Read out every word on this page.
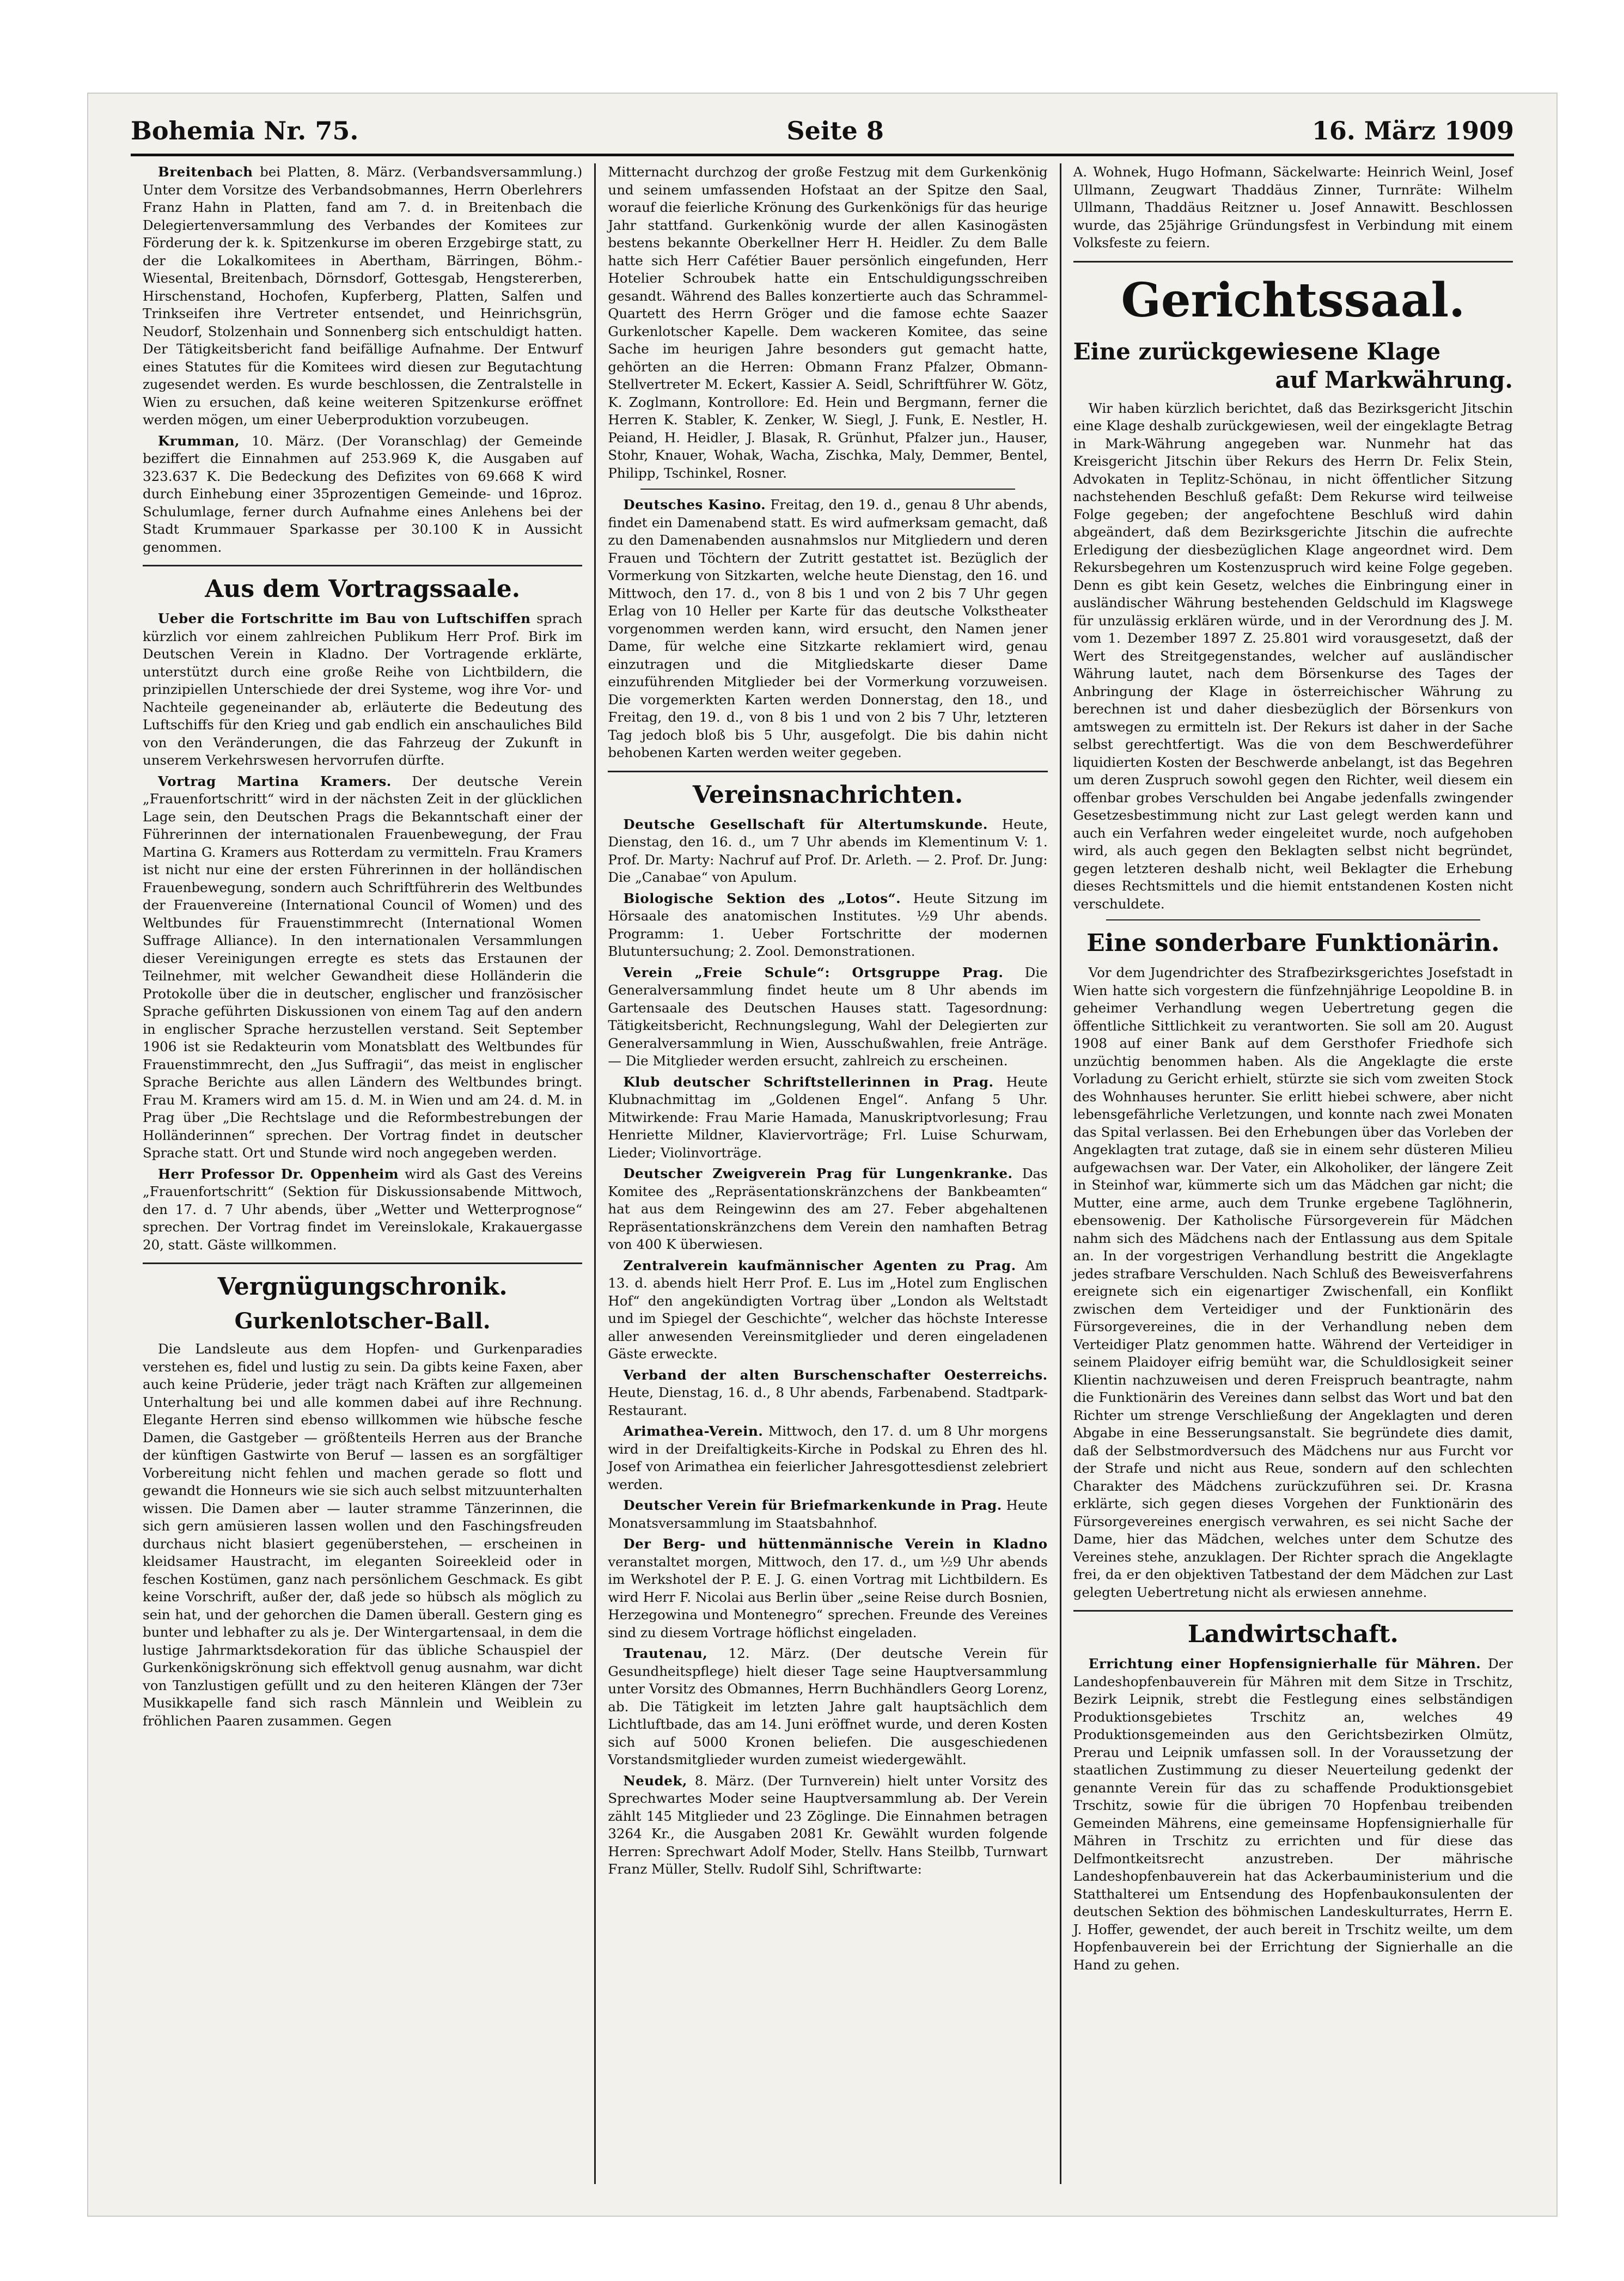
Bohemia Nr. 75.	Seite 8	16. März 1909

Breitenbach bei Platten, 8. März. (Verbandsversammlung.) Unter dem Vorsitze des Verbandsobmannes, Herrn Oberlehrers Franz Hahn in Platten, fand am 7. d. in Breitenbach die Delegiertenversammlung des Verbandes der Komitees zur Förderung der k. k. Spitzenkurse im oberen Erzgebirge statt, zu der die Lokalkomitees in Abertham, Bärringen, Böhm.-Wiesental, Breitenbach, Dörnsdorf, Gottesgab, Hengstererben, Hirschenstand, Hochofen, Kupferberg, Platten, Salfen und Trinkseifen ihre Vertreter entsendet, und Heinrichsgrün, Neudorf, Stolzenhain und Sonnenberg sich entschuldigt hatten. Der Tätigkeitsbericht fand beifällige Aufnahme. Der Entwurf eines Statutes für die Komitees wird diesen zur Begutachtung zugesendet werden. Es wurde beschlossen, die Zentralstelle in Wien zu ersuchen, daß keine weiteren Spitzenkurse eröffnet werden mögen, um einer Ueberproduktion vorzubeugen.

Krumman, 10. März. (Der Voranschlag) der Gemeinde beziffert die Einnahmen auf 253.969 K, die Ausgaben auf 323.637 K. Die Bedeckung des Defizites von 69.668 K wird durch Einhebung einer 35prozentigen Gemeinde- und 16proz. Schulumlage, ferner durch Aufnahme eines Anlehens bei der Stadt Krummauer Sparkasse per 30.100 K in Aussicht genommen.

Aus dem Vortragssaale.

Ueber die Fortschritte im Bau von Luftschiffen sprach kürzlich vor einem zahlreichen Publikum Herr Prof. Birk im Deutschen Verein in Kladno. Der Vortragende erklärte, unterstützt durch eine große Reihe von Lichtbildern, die prinzipiellen Unterschiede der drei Systeme, wog ihre Vor- und Nachteile gegeneinander ab, erläuterte die Bedeutung des Luftschiffs für den Krieg und gab endlich ein anschauliches Bild von den Veränderungen, die das Fahrzeug der Zukunft in unserem Verkehrswesen hervorrufen dürfte.

Vortrag Martina Kramers. Der deutsche Verein „Frauenfortschritt“ wird in der nächsten Zeit in der glücklichen Lage sein, den Deutschen Prags die Bekanntschaft einer der Führerinnen der internationalen Frauenbewegung, der Frau Martina G. Kramers aus Rotterdam zu vermitteln. Frau Kramers ist nicht nur eine der ersten Führerinnen in der holländischen Frauenbewegung, sondern auch Schriftführerin des Weltbundes der Frauenvereine (International Council of Women) und des Weltbundes für Frauenstimmrecht (International Women Suffrage Alliance). In den internationalen Versammlungen dieser Vereinigungen erregte es stets das Erstaunen der Teilnehmer, mit welcher Gewandheit diese Holländerin die Protokolle über die in deutscher, englischer und französischer Sprache geführten Diskussionen von einem Tag auf den andern in englischer Sprache herzustellen verstand. Seit September 1906 ist sie Redakteurin vom Monatsblatt des Weltbundes für Frauenstimmrecht, den „Jus Suffragii“, das meist in englischer Sprache Berichte aus allen Ländern des Weltbundes bringt. Frau M. Kramers wird am 15. d. M. in Wien und am 24. d. M. in Prag über „Die Rechtslage und die Reformbestrebungen der Holländerinnen“ sprechen. Der Vortrag findet in deutscher Sprache statt. Ort und Stunde wird noch angegeben werden.

Herr Professor Dr. Oppenheim wird als Gast des Vereins „Frauenfortschritt“ (Sektion für Diskussionsabende Mittwoch, den 17. d. 7 Uhr abends, über „Wetter und Wetterprognose“ sprechen. Der Vortrag findet im Vereinslokale, Krakauergasse 20, statt. Gäste willkommen.

Vergnügungschronik.
Gurkenlotscher-Ball.

Die Landsleute aus dem Hopfen- und Gurkenparadies verstehen es, fidel und lustig zu sein. Da gibts keine Faxen, aber auch keine Prüderie, jeder trägt nach Kräften zur allgemeinen Unterhaltung bei und alle kommen dabei auf ihre Rechnung. Elegante Herren sind ebenso willkommen wie hübsche fesche Damen, die Gastgeber — größtenteils Herren aus der Branche der künftigen Gastwirte von Beruf — lassen es an sorgfältiger Vorbereitung nicht fehlen und machen gerade so flott und gewandt die Honneurs wie sie sich auch selbst mitzuunterhalten wissen. Die Damen aber — lauter stramme Tänzerinnen, die sich gern amüsieren lassen wollen und den Faschingsfreuden durchaus nicht blasiert gegenüberstehen, — erscheinen in kleidsamer Haustracht, im eleganten Soireekleid oder in feschen Kostümen, ganz nach persönlichem Geschmack. Es gibt keine Vorschrift, außer der, daß jede so hübsch als möglich zu sein hat, und der gehorchen die Damen überall. Gestern ging es bunter und lebhafter zu als je. Der Wintergartensaal, in dem die lustige Jahrmarktsdekoration für das übliche Schauspiel der Gurkenkönigskrönung sich effektvoll genug ausnahm, war dicht von Tanzlustigen gefüllt und zu den heiteren Klängen der 73er Musikkapelle fand sich rasch Männlein und Weiblein zu fröhlichen Paaren zusammen. Gegen

Mitternacht durchzog der große Festzug mit dem Gurkenkönig und seinem umfassenden Hofstaat an der Spitze den Saal, worauf die feierliche Krönung des Gurkenkönigs für das heurige Jahr stattfand. Gurkenkönig wurde der allen Kasinogästen bestens bekannte Oberkellner Herr H. Heidler. Zu dem Balle hatte sich Herr Cafétier Bauer persönlich eingefunden, Herr Hotelier Schroubek hatte ein Entschuldigungsschreiben gesandt. Während des Balles konzertierte auch das Schrammel-Quartett des Herrn Gröger und die famose echte Saazer Gurkenlotscher Kapelle. Dem wackeren Komitee, das seine Sache im heurigen Jahre besonders gut gemacht hatte, gehörten an die Herren: Obmann Franz Pfalzer, Obmann-Stellvertreter M. Eckert, Kassier A. Seidl, Schriftführer W. Götz, K. Zoglmann, Kontrollore: Ed. Hein und Bergmann, ferner die Herren K. Stabler, K. Zenker, W. Siegl, J. Funk, E. Nestler, H. Peiand, H. Heidler, J. Blasak, R. Grünhut, Pfalzer jun., Hauser, Stohr, Knauer, Wohak, Wacha, Zischka, Maly, Demmer, Bentel, Philipp, Tschinkel, Rosner.

Deutsches Kasino. Freitag, den 19. d., genau 8 Uhr abends, findet ein Damenabend statt. Es wird aufmerksam gemacht, daß zu den Damenabenden ausnahmslos nur Mitgliedern und deren Frauen und Töchtern der Zutritt gestattet ist. Bezüglich der Vormerkung von Sitzkarten, welche heute Dienstag, den 16. und Mittwoch, den 17. d., von 8 bis 1 und von 2 bis 7 Uhr gegen Erlag von 10 Heller per Karte für das deutsche Volkstheater vorgenommen werden kann, wird ersucht, den Namen jener Dame, für welche eine Sitzkarte reklamiert wird, genau einzutragen und die Mitgliedskarte dieser Dame einzuführenden Mitglieder bei der Vormerkung vorzuweisen. Die vorgemerkten Karten werden Donnerstag, den 18., und Freitag, den 19. d., von 8 bis 1 und von 2 bis 7 Uhr, letzteren Tag jedoch bloß bis 5 Uhr, ausgefolgt. Die bis dahin nicht behobenen Karten werden weiter gegeben.

Vereinsnachrichten.

Deutsche Gesellschaft für Altertumskunde. Heute, Dienstag, den 16. d., um 7 Uhr abends im Klementinum V: 1. Prof. Dr. Marty: Nachruf auf Prof. Dr. Arleth. — 2. Prof. Dr. Jung: Die „Canabae“ von Apulum.

Biologische Sektion des „Lotos“. Heute Sitzung im Hörsaale des anatomischen Institutes. ½9 Uhr abends. Programm: 1. Ueber Fortschritte der modernen Blutuntersuchung; 2. Zool. Demonstrationen.

Verein „Freie Schule“: Ortsgruppe Prag. Die Generalversammlung findet heute um 8 Uhr abends im Gartensaale des Deutschen Hauses statt. Tagesordnung: Tätigkeitsbericht, Rechnungslegung, Wahl der Delegierten zur Generalversammlung in Wien, Ausschußwahlen, freie Anträge. — Die Mitglieder werden ersucht, zahlreich zu erscheinen.

Klub deutscher Schriftstellerinnen in Prag. Heute Klubnachmittag im „Goldenen Engel“. Anfang 5 Uhr. Mitwirkende: Frau Marie Hamada, Manuskriptvorlesung; Frau Henriette Mildner, Klaviervorträge; Frl. Luise Schurwam, Lieder; Violinvorträge.

Deutscher Zweigverein Prag für Lungenkranke. Das Komitee des „Repräsentationskränzchens der Bankbeamten“ hat aus dem Reingewinn des am 27. Feber abgehaltenen Repräsentationskränzchens dem Verein den namhaften Betrag von 400 K überwiesen.

Zentralverein kaufmännischer Agenten zu Prag. Am 13. d. abends hielt Herr Prof. E. Lus im „Hotel zum Englischen Hof“ den angekündigten Vortrag über „London als Weltstadt und im Spiegel der Geschichte“, welcher das höchste Interesse aller anwesenden Vereinsmitglieder und deren eingeladenen Gäste erweckte.

Verband der alten Burschenschafter Oesterreichs. Heute, Dienstag, 16. d., 8 Uhr abends, Farbenabend. Stadtpark-Restaurant.

Arimathea-Verein. Mittwoch, den 17. d. um 8 Uhr morgens wird in der Dreifaltigkeits-Kirche in Podskal zu Ehren des hl. Josef von Arimathea ein feierlicher Jahresgottesdienst zelebriert werden.

Deutscher Verein für Briefmarkenkunde in Prag. Heute Monatsversammlung im Staatsbahnhof.

Der Berg- und hüttenmännische Verein in Kladno veranstaltet morgen, Mittwoch, den 17. d., um ½9 Uhr abends im Werkshotel der P. E. J. G. einen Vortrag mit Lichtbildern. Es wird Herr F. Nicolai aus Berlin über „seine Reise durch Bosnien, Herzegowina und Montenegro“ sprechen. Freunde des Vereines sind zu diesem Vortrage höflichst eingeladen.

Trautenau, 12. März. (Der deutsche Verein für Gesundheitspflege) hielt dieser Tage seine Hauptversammlung unter Vorsitz des Obmannes, Herrn Buchhändlers Georg Lorenz, ab. Die Tätigkeit im letzten Jahre galt hauptsächlich dem Lichtluftbade, das am 14. Juni eröffnet wurde, und deren Kosten sich auf 5000 Kronen beliefen. Die ausgeschiedenen Vorstandsmitglieder wurden zumeist wiedergewählt.

Neudek, 8. März. (Der Turnverein) hielt unter Vorsitz des Sprechwartes Moder seine Hauptversammlung ab. Der Verein zählt 145 Mitglieder und 23 Zöglinge. Die Einnahmen betragen 3264 Kr., die Ausgaben 2081 Kr. Gewählt wurden folgende Herren: Sprechwart Adolf Moder, Stellv. Hans Steilbb, Turnwart Franz Müller, Stellv. Rudolf Sihl, Schriftwarte:

A. Wohnek, Hugo Hofmann, Säckelwarte: Heinrich Weinl, Josef Ullmann, Zeugwart Thaddäus Zinner, Turnräte: Wilhelm Ullmann, Thaddäus Reitzner u. Josef Annawitt. Beschlossen wurde, das 25jährige Gründungsfest in Verbindung mit einem Volksfeste zu feiern.

Gerichtssaal.
Eine zurückgewiesene Klage
auf Markwährung.

Wir haben kürzlich berichtet, daß das Bezirksgericht Jitschin eine Klage deshalb zurückgewiesen, weil der eingeklagte Betrag in Mark-Währung angegeben war. Nunmehr hat das Kreisgericht Jitschin über Rekurs des Herrn Dr. Felix Stein, Advokaten in Teplitz-Schönau, in nicht öffentlicher Sitzung nachstehenden Beschluß gefaßt: Dem Rekurse wird teilweise Folge gegeben; der angefochtene Beschluß wird dahin abgeändert, daß dem Bezirksgerichte Jitschin die aufrechte Erledigung der diesbezüglichen Klage angeordnet wird. Dem Rekursbegehren um Kostenzuspruch wird keine Folge gegeben. Denn es gibt kein Gesetz, welches die Einbringung einer in ausländischer Währung bestehenden Geldschuld im Klagswege für unzulässig erklären würde, und in der Verordnung des J. M. vom 1. Dezember 1897 Z. 25.801 wird vorausgesetzt, daß der Wert des Streitgegenstandes, welcher auf ausländischer Währung lautet, nach dem Börsenkurse des Tages der Anbringung der Klage in österreichischer Währung zu berechnen ist und daher diesbezüglich der Börsenkurs von amtswegen zu ermitteln ist. Der Rekurs ist daher in der Sache selbst gerechtfertigt. Was die von dem Beschwerdeführer liquidierten Kosten der Beschwerde anbelangt, ist das Begehren um deren Zuspruch sowohl gegen den Richter, weil diesem ein offenbar grobes Verschulden bei Angabe jedenfalls zwingender Gesetzesbestimmung nicht zur Last gelegt werden kann und auch ein Verfahren weder eingeleitet wurde, noch aufgehoben wird, als auch gegen den Beklagten selbst nicht begründet, gegen letzteren deshalb nicht, weil Beklagter die Erhebung dieses Rechtsmittels und die hiemit entstandenen Kosten nicht verschuldete.

Eine sonderbare Funktionärin.

Vor dem Jugendrichter des Strafbezirksgerichtes Josefstadt in Wien hatte sich vorgestern die fünfzehnjährige Leopoldine B. in geheimer Verhandlung wegen Uebertretung gegen die öffentliche Sittlichkeit zu verantworten. Sie soll am 20. August 1908 auf einer Bank auf dem Gersthofer Friedhofe sich unzüchtig benommen haben. Als die Angeklagte die erste Vorladung zu Gericht erhielt, stürzte sie sich vom zweiten Stock des Wohnhauses herunter. Sie erlitt hiebei schwere, aber nicht lebensgefährliche Verletzungen, und konnte nach zwei Monaten das Spital verlassen. Bei den Erhebungen über das Vorleben der Angeklagten trat zutage, daß sie in einem sehr düsteren Milieu aufgewachsen war. Der Vater, ein Alkoholiker, der längere Zeit in Steinhof war, kümmerte sich um das Mädchen gar nicht; die Mutter, eine arme, auch dem Trunke ergebene Taglöhnerin, ebensowenig. Der Katholische Fürsorgeverein für Mädchen nahm sich des Mädchens nach der Entlassung aus dem Spitale an. In der vorgestrigen Verhandlung bestritt die Angeklagte jedes strafbare Verschulden. Nach Schluß des Beweisverfahrens ereignete sich ein eigenartiger Zwischenfall, ein Konflikt zwischen dem Verteidiger und der Funktionärin des Fürsorgevereines, die in der Verhandlung neben dem Verteidiger Platz genommen hatte. Während der Verteidiger in seinem Plaidoyer eifrig bemüht war, die Schuldlosigkeit seiner Klientin nachzuweisen und deren Freispruch beantragte, nahm die Funktionärin des Vereines dann selbst das Wort und bat den Richter um strenge Verschließung der Angeklagten und deren Abgabe in eine Besserungsanstalt. Sie begründete dies damit, daß der Selbstmordversuch des Mädchens nur aus Furcht vor der Strafe und nicht aus Reue, sondern auf den schlechten Charakter des Mädchens zurückzuführen sei. Dr. Krasna erklärte, sich gegen dieses Vorgehen der Funktionärin des Fürsorgevereines energisch verwahren, es sei nicht Sache der Dame, hier das Mädchen, welches unter dem Schutze des Vereines stehe, anzuklagen. Der Richter sprach die Angeklagte frei, da er den objektiven Tatbestand der dem Mädchen zur Last gelegten Uebertretung nicht als erwiesen annehme.

Landwirtschaft.

Errichtung einer Hopfensignierhalle für Mähren. Der Landeshopfenbauverein für Mähren mit dem Sitze in Trschitz, Bezirk Leipnik, strebt die Festlegung eines selbständigen Produktionsgebietes Trschitz an, welches 49 Produktionsgemeinden aus den Gerichtsbezirken Olmütz, Prerau und Leipnik umfassen soll. In der Voraussetzung der staatlichen Zustimmung zu dieser Neuerteilung gedenkt der genannte Verein für das zu schaffende Produktionsgebiet Trschitz, sowie für die übrigen 70 Hopfenbau treibenden Gemeinden Mährens, eine gemeinsame Hopfensignierhalle für Mähren in Trschitz zu errichten und für diese das Delfmontkeitsrecht anzustreben. Der mährische Landeshopfenbauverein hat das Ackerbauministerium und die Statthalterei um Entsendung des Hopfenbaukonsulenten der deutschen Sektion des böhmischen Landeskulturrates, Herrn E. J. Hoffer, gewendet, der auch bereit in Trschitz weilte, um dem Hopfenbauverein bei der Errichtung der Signierhalle an die Hand zu gehen.
